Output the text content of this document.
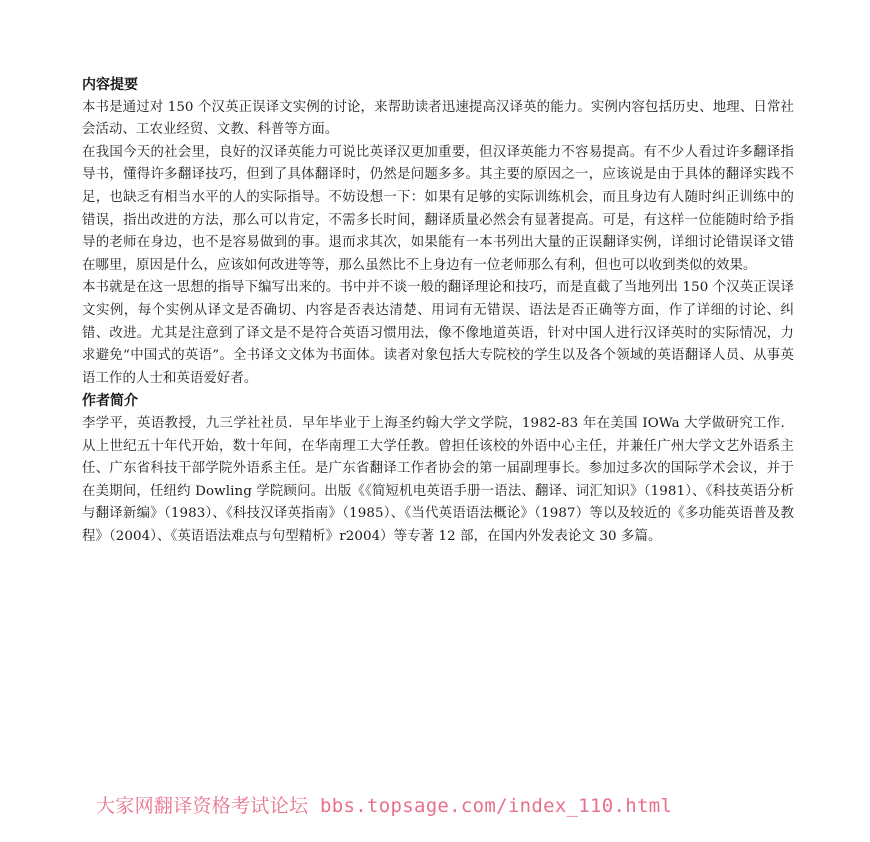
内容提要

本书是通过对 150 个汉英正误译文实例的讨论，来帮助读者迅速提高汉译英的能力。实例内容包括历史、地理、日常社会活动、工农业经贸、文教、科普等方面。

在我国今天的社会里，良好的汉译英能力可说比英译汉更加重要，但汉译英能力不容易提高。有不少人看过许多翻译指导书，懂得许多翻译技巧，但到了具体翻译时，仍然是问题多多。其主要的原因之一，应该说是由于具体的翻译实践不足，也缺乏有相当水平的人的实际指导。不妨设想一下：如果有足够的实际训练机会，而且身边有人随时纠正训练中的错误，指出改进的方法，那么可以肯定，不需多长时间，翻译质量必然会有显著提高。可是，有这样一位能随时给予指导的老师在身边，也不是容易做到的事。退而求其次，如果能有一本书列出大量的正误翻译实例，详细讨论错误译文错在哪里，原因是什么，应该如何改进等等，那么虽然比不上身边有一位老师那么有利，但也可以收到类似的效果。

本书就是在这一思想的指导下编写出来的。书中并不谈一般的翻译理论和技巧，而是直截了当地列出 150 个汉英正误译文实例，每个实例从译文是否确切、内容是否表达清楚、用词有无错误、语法是否正确等方面，作了详细的讨论、纠错、改进。尤其是注意到了译文是不是符合英语习惯用法，像不像地道英语，针对中国人进行汉译英时的实际情况，力求避免“中国式的英语”。全书译文文体为书面体。读者对象包括大专院校的学生以及各个领域的英语翻译人员、从事英语工作的人士和英语爱好者。

作者简介

李学平，英语教授，九三学社社员．早年毕业于上海圣约翰大学文学院，1982-83 年在美国 IOWa 大学做研究工作．从上世纪五十年代开始，数十年间，在华南理工大学任教。曾担任该校的外语中心主任，并兼任广州大学文艺外语系主任、广东省科技干部学院外语系主任。是广东省翻译工作者协会的第一届副理事长。参加过多次的国际学术会议，并于在美期间，任纽约 Dowling 学院顾问。出版《《简短机电英语手册一语法、翻译、词汇知识》（1981）、《科技英语分析与翻译新编》（1983）、《科技汉译英指南》（1985）、《当代英语语法概论》（1987）等以及较近的《多功能英语普及教程》（2004）、《英语语法难点与句型精析》r2004）等专著 12 部，在国内外发表论文 30 多篇。

大家网翻译资格考试论坛 bbs.topsage.com/index_110.html
